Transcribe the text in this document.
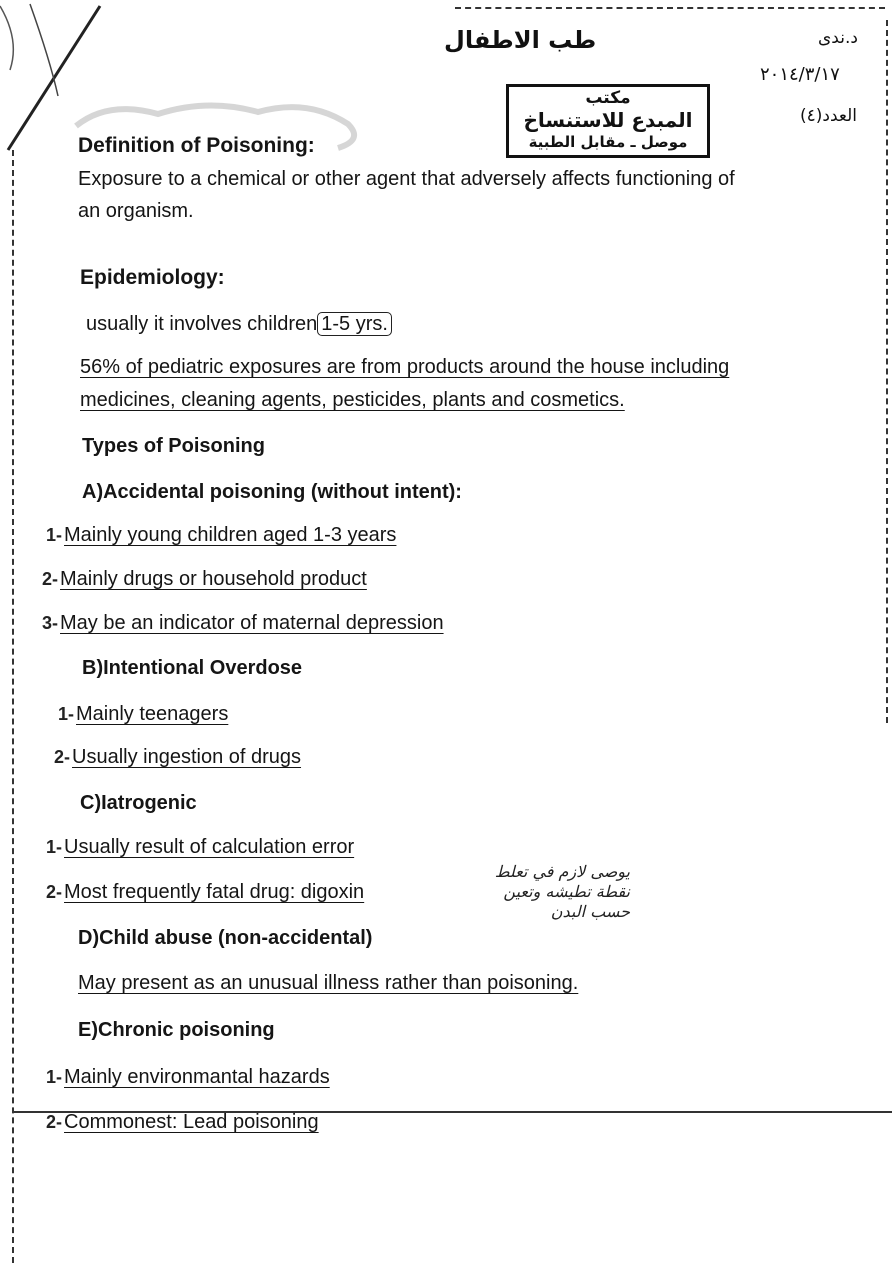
طب الاطفال	د.ندى
٢٠١٤/٣/١٧
العدد(٤)
مكتب
المبدع للاستنساخ
موصل ـ مقابل الطبية
Definition of Poisoning:
Exposure to a chemical or other agent that adversely affects functioning of
an organism.
Epidemiology:
usually it involves children 1-5 yrs.
56% of pediatric exposures are from products around the house including
medicines, cleaning agents, pesticides, plants and cosmetics.
Types of Poisoning
A)Accidental poisoning (without intent):
1- Mainly young children aged 1-3 years
2- Mainly drugs or household product
3- May be an indicator of maternal depression
B)Intentional Overdose
1- Mainly teenagers
2- Usually ingestion of drugs
C)Iatrogenic
1- Usually result of calculation error
2- Most frequently fatal drug: digoxin
يوصى لازم في تعلط
نقطة تطيشه وتعين
حسب البدن
D)Child abuse (non-accidental)
May present as an unusual illness rather than poisoning.
E)Chronic poisoning
1- Mainly environmantal hazards
2- Commonest: Lead poisoning
